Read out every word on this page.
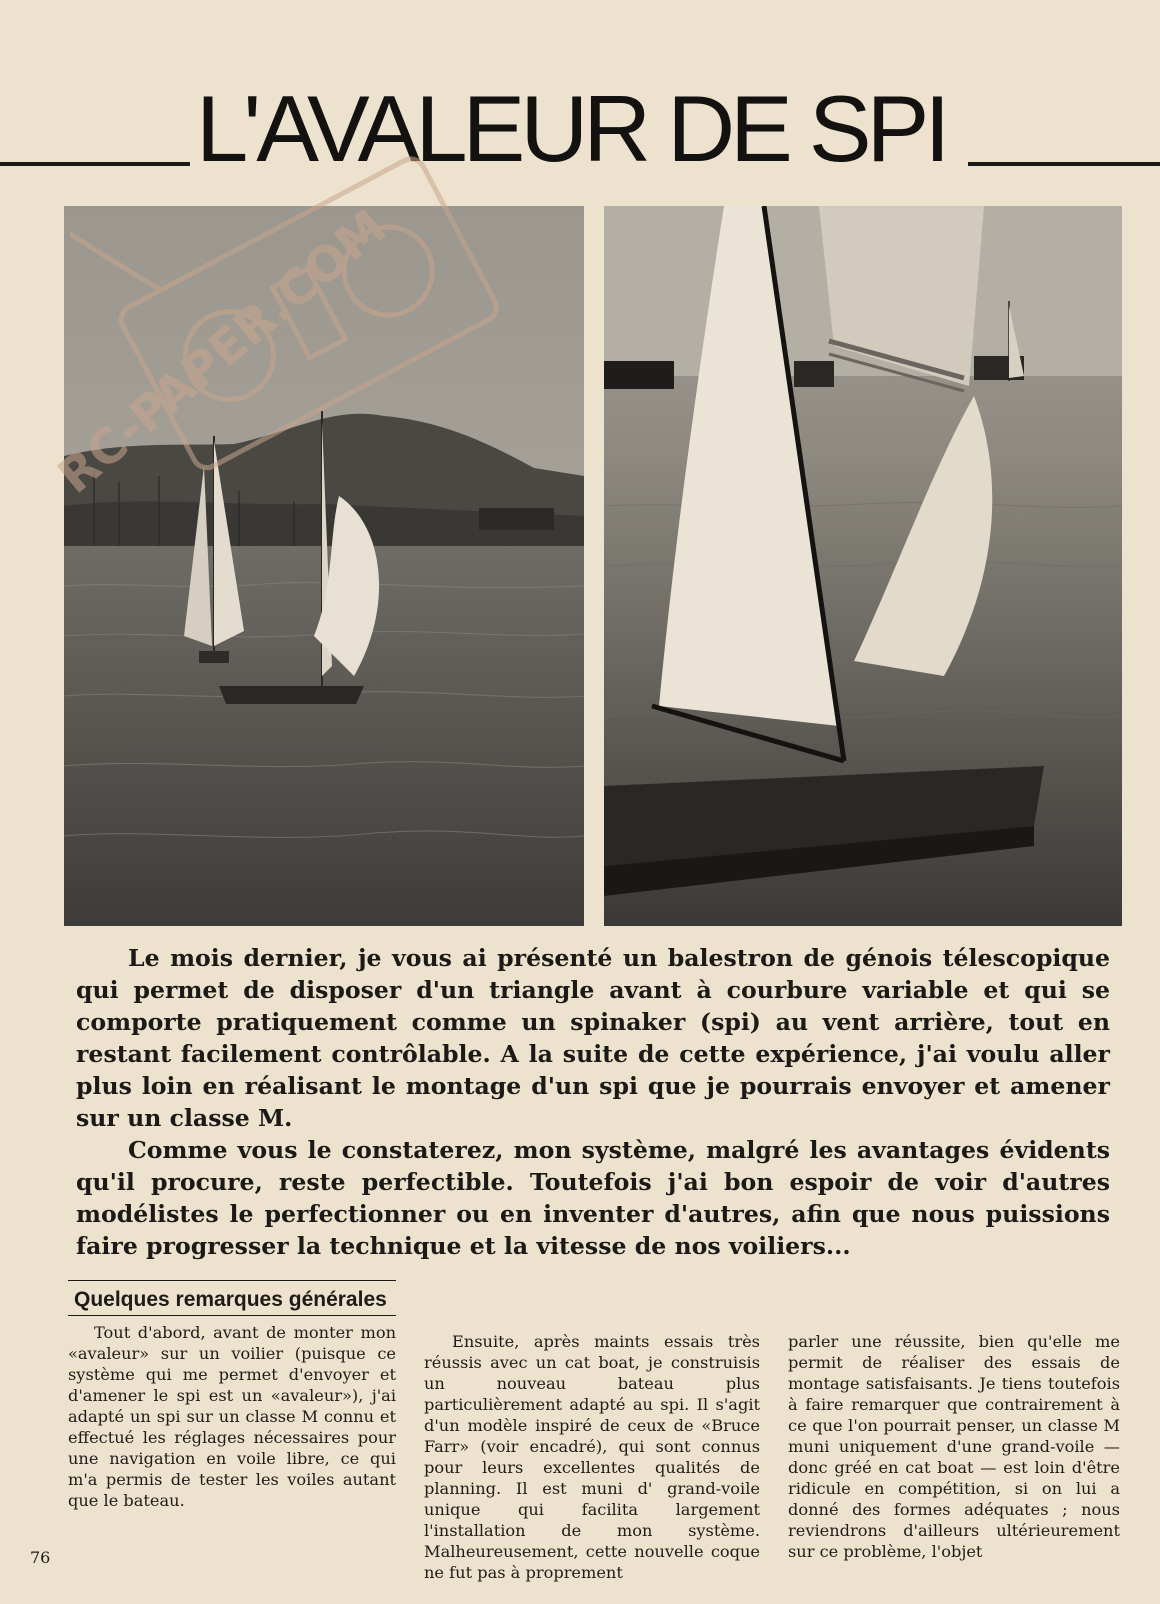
L'AVALEUR DE SPI
RC-PAPER.COM

Le mois dernier, je vous ai présenté un balestron de génois télescopique qui permet de disposer d'un triangle avant à courbure variable et qui se comporte pratiquement comme un spinaker (spi) au vent arrière, tout en restant facilement contrôlable. A la suite de cette expérience, j'ai voulu aller plus loin en réalisant le montage d'un spi que je pourrais envoyer et amener sur un classe M.

Comme vous le constaterez, mon système, malgré les avantages évidents qu'il procure, reste perfectible. Toutefois j'ai bon espoir de voir d'autres modélistes le perfectionner ou en inventer d'autres, afin que nous puissions faire progresser la technique et la vitesse de nos voiliers...

Quelques remarques générales

Tout d'abord, avant de monter mon «avaleur» sur un voilier (puisque ce système qui me permet d'envoyer et d'amener le spi est un «avaleur»), j'ai adapté un spi sur un classe M connu et effectué les réglages nécessaires pour une navigation en voile libre, ce qui m'a permis de tester les voiles autant que le bateau.

Ensuite, après maints essais très réussis avec un cat boat, je construisis un nouveau bateau plus particulièrement adapté au spi. Il s'agit d'un modèle inspiré de ceux de «Bruce Farr» (voir encadré), qui sont connus pour leurs excellentes qualités de planning. Il est muni d' grand-voile unique qui facilita largement l'installation de mon système. Malheureusement, cette nouvelle coque ne fut pas à proprement

parler une réussite, bien qu'elle me permit de réaliser des essais de montage satisfaisants. Je tiens toutefois à faire remarquer que contrairement à ce que l'on pourrait penser, un classe M muni uniquement d'une grand-voile — donc gréé en cat boat — est loin d'être ridicule en compétition, si on lui a donné des formes adéquates ; nous reviendrons d'ailleurs ultérieurement sur ce problème, l'objet

76
